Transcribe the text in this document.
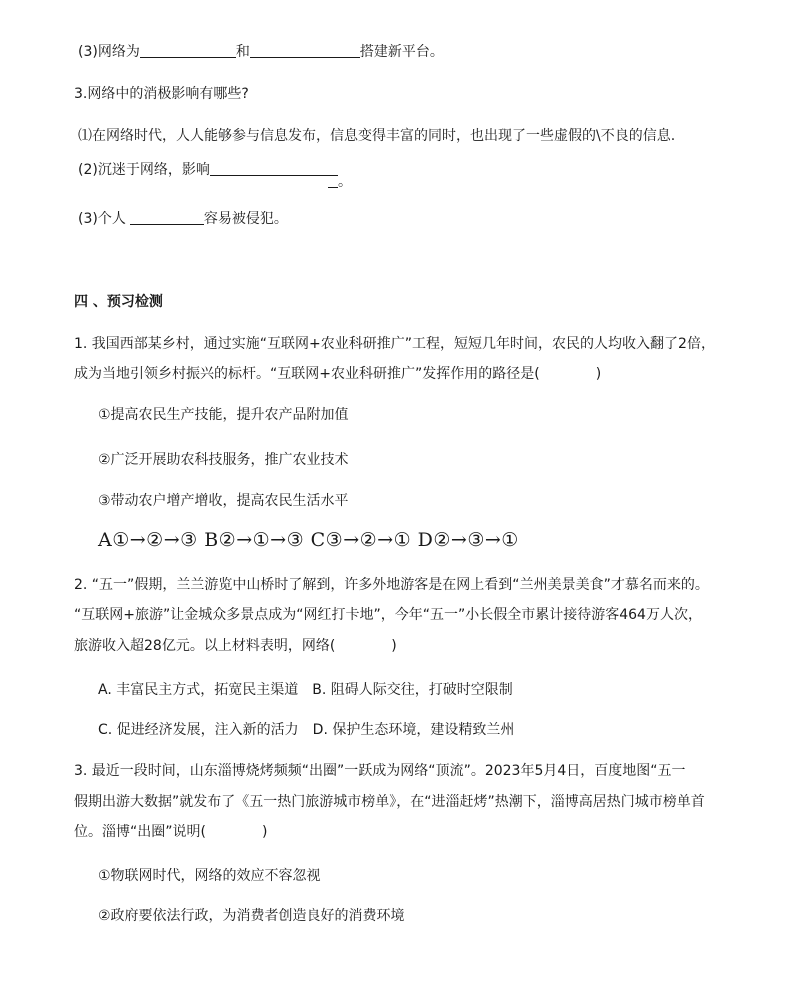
(3)网络为	和	搭建新平台。
3.网络中的消极影响有哪些?
⑴在网络时代，人人能够参与信息发布，信息变得丰富的同时，也出现了一些虚假的\不良的信息.
(2)沉迷于网络，影响
。
(3)个人	容易被侵犯。
四 、预习检测
1. 我国西部某乡村，通过实施“互联网+农业科研推广”工程，短短几年时间，农民的人均收入翻了2倍，
成为当地引领乡村振兴的标杆。“互联网+农业科研推广”发挥作用的路径是(　　　　)
①提高农民生产技能，提升农产品附加值
②广泛开展助农科技服务，推广农业技术
③带动农户增产增收，提高农民生活水平
A①→②→③ B②→①→③ C③→②→① D②→③→①
2. “五一”假期，兰兰游览中山桥时了解到，许多外地游客是在网上看到“兰州美景美食”才慕名而来的。
“互联网+旅游”让金城众多景点成为“网红打卡地”，今年“五一”小长假全市累计接待游客464万人次，
旅游收入超28亿元。以上材料表明，网络(　　　　)
A. 丰富民主方式，拓宽民主渠道　B. 阻碍人际交往，打破时空限制
C. 促进经济发展，注入新的活力　D. 保护生态环境，建设精致兰州
3. 最近一段时间，山东淄博烧烤频频“出圈”一跃成为网络“顶流”。2023年5月4日，百度地图“五一
假期出游大数据”就发布了《五一热门旅游城市榜单》，在“进淄赶烤”热潮下，淄博高居热门城市榜单首
位。淄博“出圈”说明(　　　　)
①物联网时代，网络的效应不容忽视
②政府要依法行政，为消费者创造良好的消费环境
